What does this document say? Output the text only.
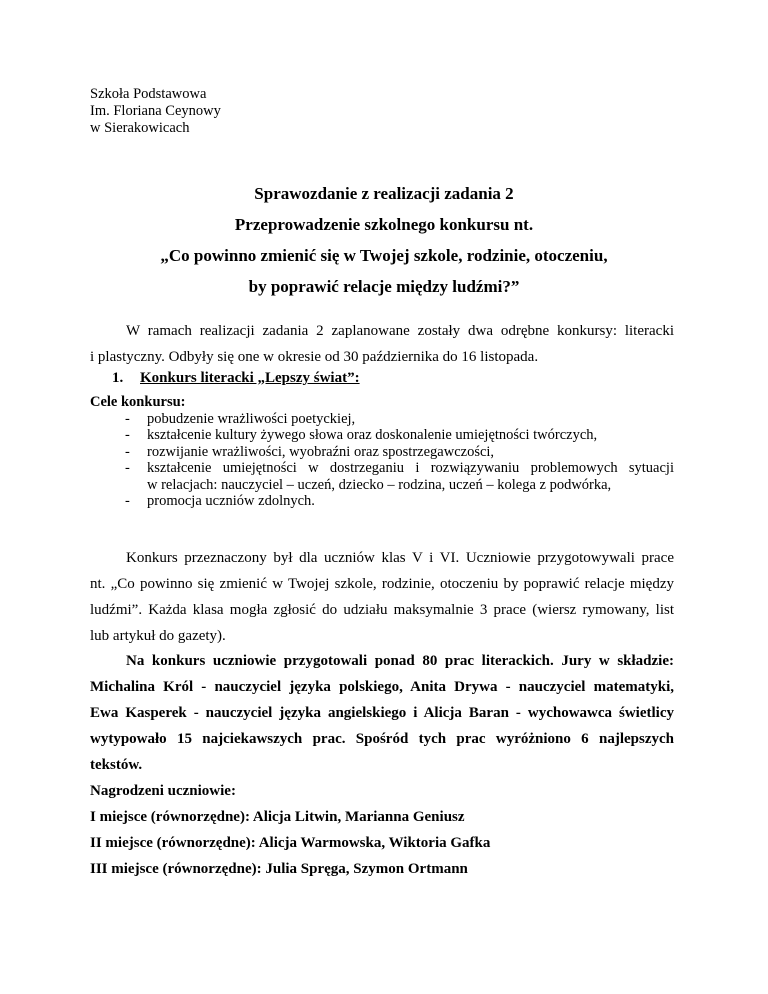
Szkoła Podstawowa
Im. Floriana Ceynowy
w Sierakowicach
Sprawozdanie z realizacji zadania 2
Przeprowadzenie szkolnego konkursu nt.
„Co powinno zmienić się w Twojej szkole, rodzinie, otoczeniu,
by poprawić relacje między ludźmi?”
W ramach realizacji zadania 2 zaplanowane zostały dwa odrębne konkursy: literacki
i plastyczny. Odbyły się one w okresie od 30 października do 16 listopada.
1. Konkurs literacki „Lepszy świat”:
Cele konkursu:
- pobudzenie wrażliwości poetyckiej,
- kształcenie kultury żywego słowa oraz doskonalenie umiejętności twórczych,
- rozwijanie wrażliwości, wyobraźni oraz spostrzegawczości,
- kształcenie umiejętności w dostrzeganiu i rozwiązywaniu problemowych sytuacji
w relacjach: nauczyciel – uczeń, dziecko – rodzina, uczeń – kolega z podwórka,
- promocja uczniów zdolnych.
Konkurs przeznaczony był dla uczniów klas V i VI. Uczniowie przygotowywali prace
nt. „Co powinno się zmienić w Twojej szkole, rodzinie, otoczeniu by poprawić relacje między
ludźmi”. Każda klasa mogła zgłosić do udziału maksymalnie 3 prace (wiersz rymowany, list
lub artykuł do gazety).
Na konkurs uczniowie przygotowali ponad 80 prac literackich. Jury w składzie:
Michalina Król - nauczyciel języka polskiego, Anita Drywa - nauczyciel matematyki,
Ewa Kasperek - nauczyciel języka angielskiego i Alicja Baran - wychowawca świetlicy
wytypowało 15 najciekawszych prac. Spośród tych prac wyróżniono 6 najlepszych
tekstów.
Nagrodzeni uczniowie:
I miejsce (równorzędne): Alicja Litwin, Marianna Geniusz
II miejsce (równorzędne): Alicja Warmowska, Wiktoria Gafka
III miejsce (równorzędne): Julia Spręga, Szymon Ortmann
